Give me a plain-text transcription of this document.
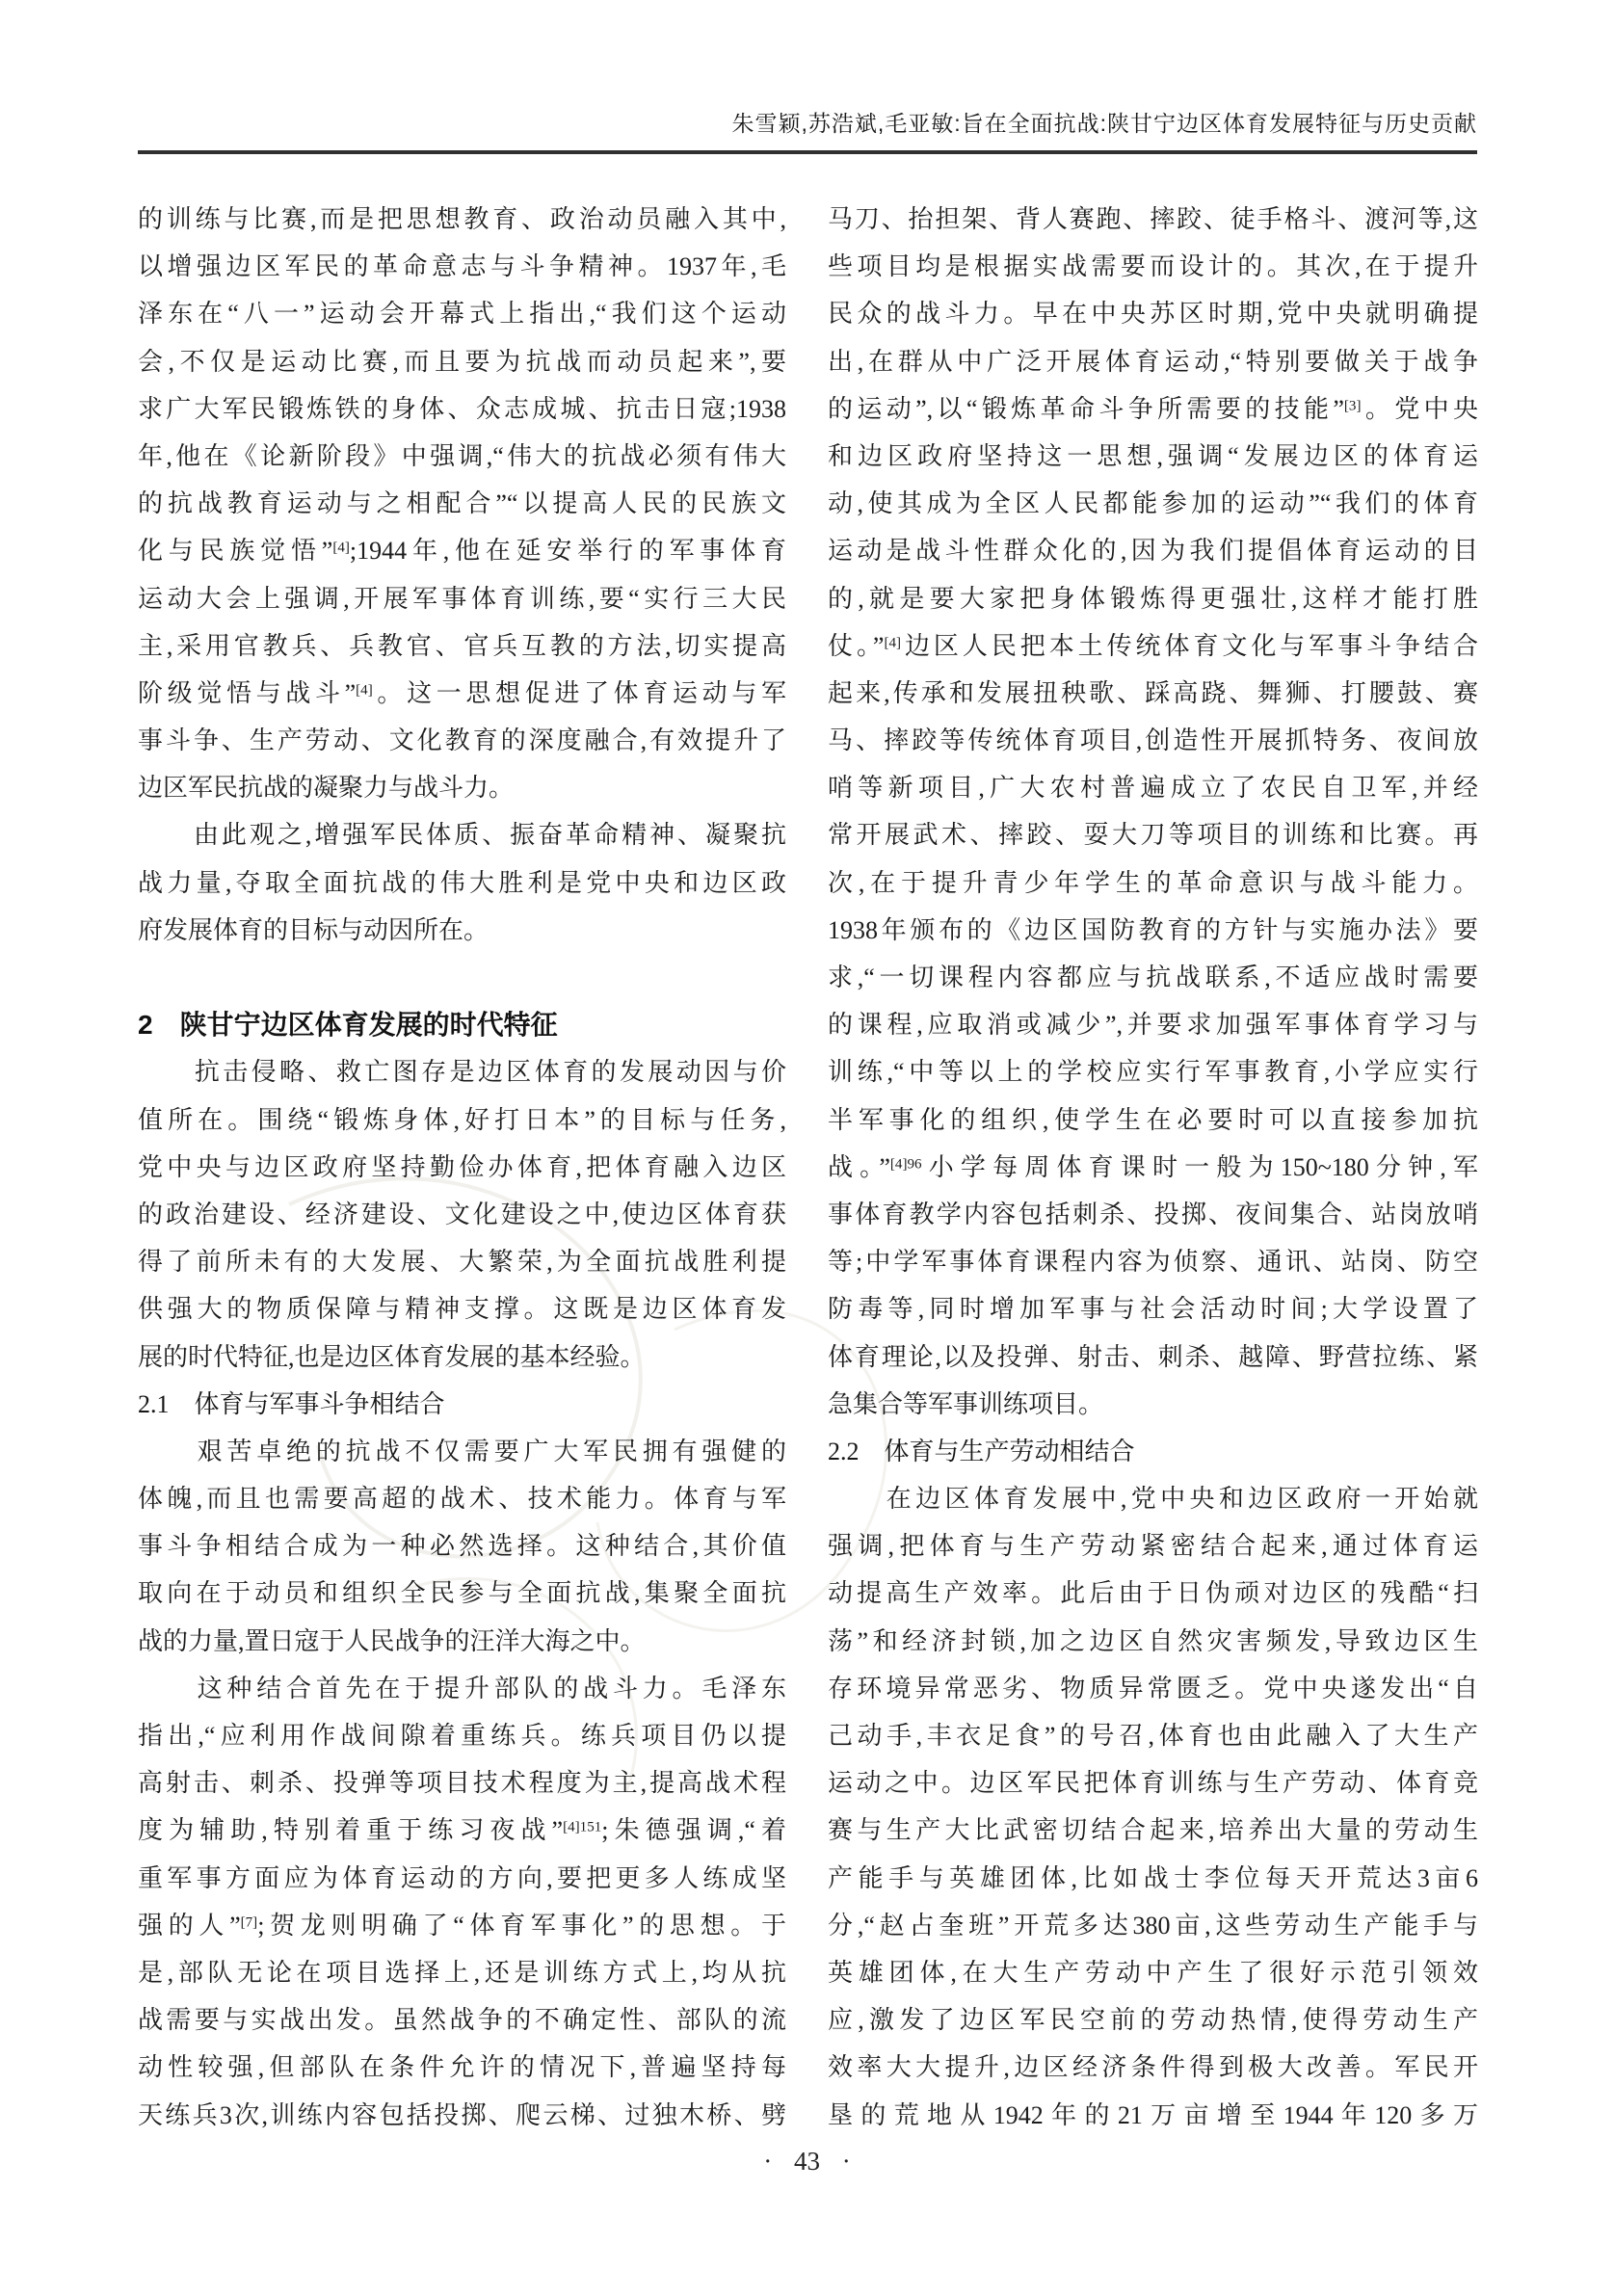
朱雪颖,苏浩斌,毛亚敏:旨在全面抗战:陕甘宁边区体育发展特征与历史贡献
的训练与比赛,而是把思想教育、政治动员融入其中,
以增强边区军民的革命意志与斗争精神。1937年,毛
泽东在“八一”运动会开幕式上指出,“我们这个运动
会,不仅是运动比赛,而且要为抗战而动员起来”,要
求广大军民锻炼铁的身体、众志成城、抗击日寇;1938
年,他在《论新阶段》中强调,“伟大的抗战必须有伟大
的抗战教育运动与之相配合”“以提高人民的民族文
化与民族觉悟”[4];1944年,他在延安举行的军事体育
运动大会上强调,开展军事体育训练,要“实行三大民
主,采用官教兵、兵教官、官兵互教的方法,切实提高
阶级觉悟与战斗”[4]。这一思想促进了体育运动与军
事斗争、生产劳动、文化教育的深度融合,有效提升了
边区军民抗战的凝聚力与战斗力。
　　由此观之,增强军民体质、振奋革命精神、凝聚抗
战力量,夺取全面抗战的伟大胜利是党中央和边区政
府发展体育的目标与动因所在。
2　陕甘宁边区体育发展的时代特征
　　抗击侵略、救亡图存是边区体育的发展动因与价
值所在。围绕“锻炼身体,好打日本”的目标与任务,
党中央与边区政府坚持勤俭办体育,把体育融入边区
的政治建设、经济建设、文化建设之中,使边区体育获
得了前所未有的大发展、大繁荣,为全面抗战胜利提
供强大的物质保障与精神支撑。这既是边区体育发
展的时代特征,也是边区体育发展的基本经验。
2.1　体育与军事斗争相结合
　　艰苦卓绝的抗战不仅需要广大军民拥有强健的
体魄,而且也需要高超的战术、技术能力。体育与军
事斗争相结合成为一种必然选择。这种结合,其价值
取向在于动员和组织全民参与全面抗战,集聚全面抗
战的力量,置日寇于人民战争的汪洋大海之中。
　　这种结合首先在于提升部队的战斗力。毛泽东
指出,“应利用作战间隙着重练兵。练兵项目仍以提
高射击、刺杀、投弹等项目技术程度为主,提高战术程
度为辅助,特别着重于练习夜战”$^{[4]151}$;朱德强调,“着
重军事方面应为体育运动的方向,要把更多人练成坚
强的人”[7];贺龙则明确了“体育军事化”的思想。于
是,部队无论在项目选择上,还是训练方式上,均从抗
战需要与实战出发。虽然战争的不确定性、部队的流
动性较强,但部队在条件允许的情况下,普遍坚持每
天练兵3次,训练内容包括投掷、爬云梯、过独木桥、劈
马刀、抬担架、背人赛跑、摔跤、徒手格斗、渡河等,这
些项目均是根据实战需要而设计的。其次,在于提升
民众的战斗力。早在中央苏区时期,党中央就明确提
出,在群从中广泛开展体育运动,“特别要做关于战争
的运动”,以“锻炼革命斗争所需要的技能”[3]。党中央
和边区政府坚持这一思想,强调“发展边区的体育运
动,使其成为全区人民都能参加的运动”“我们的体育
运动是战斗性群众化的,因为我们提倡体育运动的目
的,就是要大家把身体锻炼得更强壮,这样才能打胜
仗。”[4]边区人民把本土传统体育文化与军事斗争结合
起来,传承和发展扭秧歌、踩高跷、舞狮、打腰鼓、赛
马、摔跤等传统体育项目,创造性开展抓特务、夜间放
哨等新项目,广大农村普遍成立了农民自卫军,并经
常开展武术、摔跤、耍大刀等项目的训练和比赛。再
次,在于提升青少年学生的革命意识与战斗能力。
1938年颁布的《边区国防教育的方针与实施办法》要
求,“一切课程内容都应与抗战联系,不适应战时需要
的课程,应取消或减少”,并要求加强军事体育学习与
训练,“中等以上的学校应实行军事教育,小学应实行
半军事化的组织,使学生在必要时可以直接参加抗
战。”$^{[4]96}$小学每周体育课时一般为150~180分钟,军
事体育教学内容包括刺杀、投掷、夜间集合、站岗放哨
等;中学军事体育课程内容为侦察、通讯、站岗、防空
防毒等,同时增加军事与社会活动时间;大学设置了
体育理论,以及投弹、射击、刺杀、越障、野营拉练、紧
急集合等军事训练项目。
2.2　体育与生产劳动相结合
　　在边区体育发展中,党中央和边区政府一开始就
强调,把体育与生产劳动紧密结合起来,通过体育运
动提高生产效率。此后由于日伪顽对边区的残酷“扫
荡”和经济封锁,加之边区自然灾害频发,导致边区生
存环境异常恶劣、物质异常匮乏。党中央遂发出“自
己动手,丰衣足食”的号召,体育也由此融入了大生产
运动之中。边区军民把体育训练与生产劳动、体育竞
赛与生产大比武密切结合起来,培养出大量的劳动生
产能手与英雄团体,比如战士李位每天开荒达3亩6
分,“赵占奎班”开荒多达380亩,这些劳动生产能手与
英雄团体,在大生产劳动中产生了很好示范引领效
应,激发了边区军民空前的劳动热情,使得劳动生产
效率大大提升,边区经济条件得到极大改善。军民开
垦的荒地从1942年的21万亩增至1944年120多万
· 43 ·
